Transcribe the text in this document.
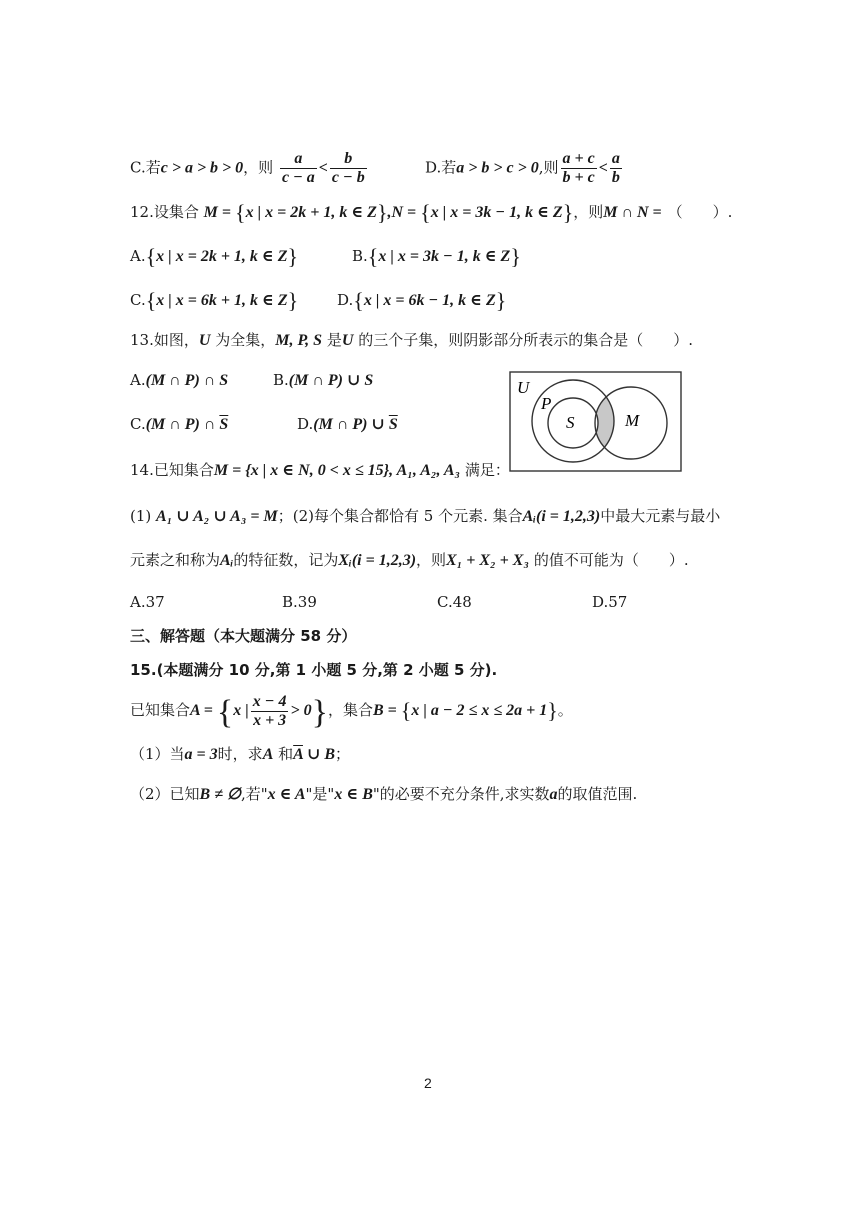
C.若c > a > b > 0，则 $\frac{a}{c - a} < \frac{b}{c - b}$	D.若a > b > c > 0,则 $\frac{a + c}{b + c} < \frac{a}{b}$
12.设集合 M = {x | x = 2k + 1, k ∈ Z},N = {x | x = 3k − 1, k ∈ Z}，则M ∩ N = （　　）.
A.{x | x = 2k + 1, k ∈ Z}	B.{x | x = 3k − 1, k ∈ Z}
C.{x | x = 6k + 1, k ∈ Z}	D.{x | x = 6k − 1, k ∈ Z}
13.如图，U 为全集，M, P, S 是U 的三个子集，则阴影部分所表示的集合是（　　）.
A.(M ∩ P) ∩ S	B.(M ∩ P) ∪ S
C.(M ∩ P) ∩ $\overline{S}$	D.(M ∩ P) ∪ $\overline{S}$
U
P
S	M
14.已知集合M = {x | x ∈ N, 0 < x ≤ 15}, A₁, A₂, A₃ 满足：
(1) A₁ ∪ A₂ ∪ A₃ = M；(2)每个集合都恰有 5 个元素. 集合Aᵢ(i = 1,2,3)中最大元素与最小
元素之和称为Aᵢ的特征数，记为Xᵢ(i = 1,2,3)，则X₁ + X₂ + X₃ 的值不可能为（　　）.
A.37	B.39	C.48	D.57
三、解答题（本大题满分 58 分）
15.(本题满分 10 分,第 1 小题 5 分,第 2 小题 5 分).
已知集合A = {x | $\frac{x - 4}{x + 3} > 0$}，集合B = {x | a − 2 ≤ x ≤ 2a + 1}。
（1）当a = 3时，求A 和$\overline{A}$ ∪ B；
（2）已知B ≠ ∅,若"x ∈ A"是"x ∈ B"的必要不充分条件,求实数a的取值范围.
2
